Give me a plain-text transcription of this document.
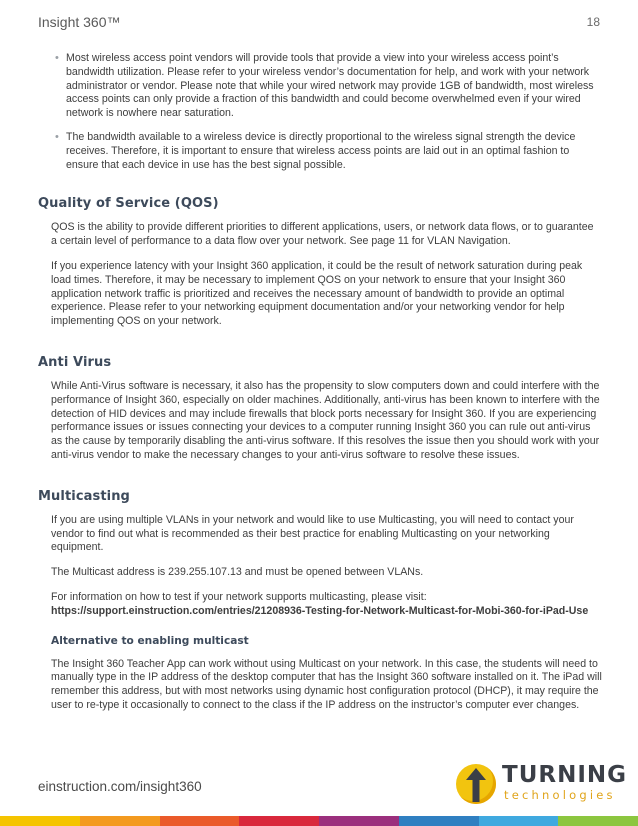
Insight 360™	18
• Most wireless access point vendors will provide tools that provide a view into your wireless access point’s bandwidth utilization. Please refer to your wireless vendor’s documentation for help, and work with your network administrator or vendor. Please note that while your wired network may provide 1GB of bandwidth, most wireless access points can only provide a fraction of this bandwidth and could become overwhelmed even if your wired network is nowhere near saturation.
• The bandwidth available to a wireless device is directly proportional to the wireless signal strength the device receives. Therefore, it is important to ensure that wireless access points are laid out in an optimal fashion to ensure that each device in use has the best signal possible.
Quality of Service (QOS)

QOS is the ability to provide different priorities to different applications, users, or network data flows, or to guarantee a certain level of performance to a data flow over your network. See page 11 for VLAN Navigation.

If you experience latency with your Insight 360 application, it could be the result of network saturation during peak load times. Therefore, it may be necessary to implement QOS on your network to ensure that your Insight 360 application network traffic is prioritized and receives the necessary amount of bandwidth to provide an optimal experience. Please refer to your networking equipment documentation and/or your networking vendor for help implementing QOS on your network.

Anti Virus

While Anti-Virus software is necessary, it also has the propensity to slow computers down and could interfere with the performance of Insight 360, especially on older machines. Additionally, anti-virus has been known to interfere with the detection of HID devices and may include firewalls that block ports necessary for Insight 360. If you are experiencing performance issues or issues connecting your devices to a computer running Insight 360 you can rule out anti-virus as the cause by temporarily disabling the anti-virus software. If this resolves the issue then you should work with your anti-virus vendor to make the necessary changes to your anti-virus software to resolve these issues.

Multicasting

If you are using multiple VLANs in your network and would like to use Multicasting, you will need to contact your vendor to find out what is recommended as their best practice for enabling Multicasting on your networking equipment.

The Multicast address is 239.255.107.13 and must be opened between VLANs.

For information on how to test if your network supports multicasting, please visit:

https://support.einstruction.com/entries/21208936-Testing-for-Network-Multicast-for-Mobi-360-for-iPad-Use

Alternative to enabling multicast

The Insight 360 Teacher App can work without using Multicast on your network. In this case, the students will need to manually type in the IP address of the desktop computer that has the Insight 360 software installed on it. The iPad will remember this address, but with most networks using dynamic host configuration protocol (DHCP), it may require the user to re-type it occasionally to connect to the class if the IP address on the instructor’s computer ever changes.

einstruction.com/insight360	TURNING
technologies
